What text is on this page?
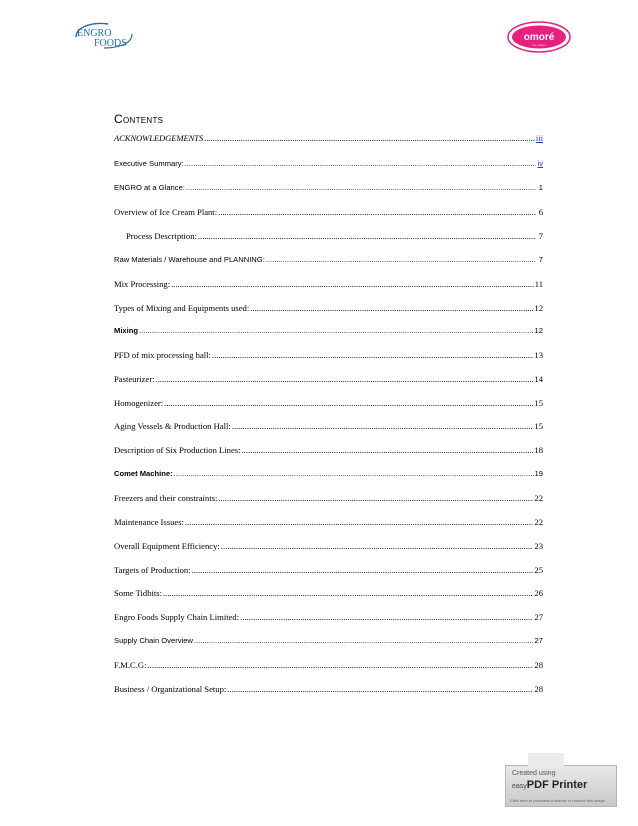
ENGRO
FOODS
omoré
ice cream
Contents
ACKNOWLEDGEMENTS .....	iii
Executive Summary: .....	iv
ENGRO at a Glance: .....	1
Overview of Ice Cream Plant: .....	6
Process Description: .....	7
Raw Materials / Warehouse and PLANNING: .....	7
Mix Processing: .....	11
Types of Mixing and Equipments used: .....	12
Mixing .....	12
PFD of mix processing hall: .....	13
Pasteurizer: .....	14
Homogenizer: .....	15
Aging Vessels & Production Hall: .....	15
Description of Six Production Lines: .....	18
Comet Machine: .....	19
Freezers and their constraints: .....	22
Maintenance Issues: .....	22
Overall Equipment Efficiency: .....	23
Targets of Production: .....	25
Some Tidbits: .....	26
Engro Foods Supply Chain Limited: .....	27
Supply Chain Overview .....	27
F.M.C.G: .....	28
Business / Organizational Setup: .....	28
Created using
easyPDF Printer
Click here to purchase a license to remove this image
